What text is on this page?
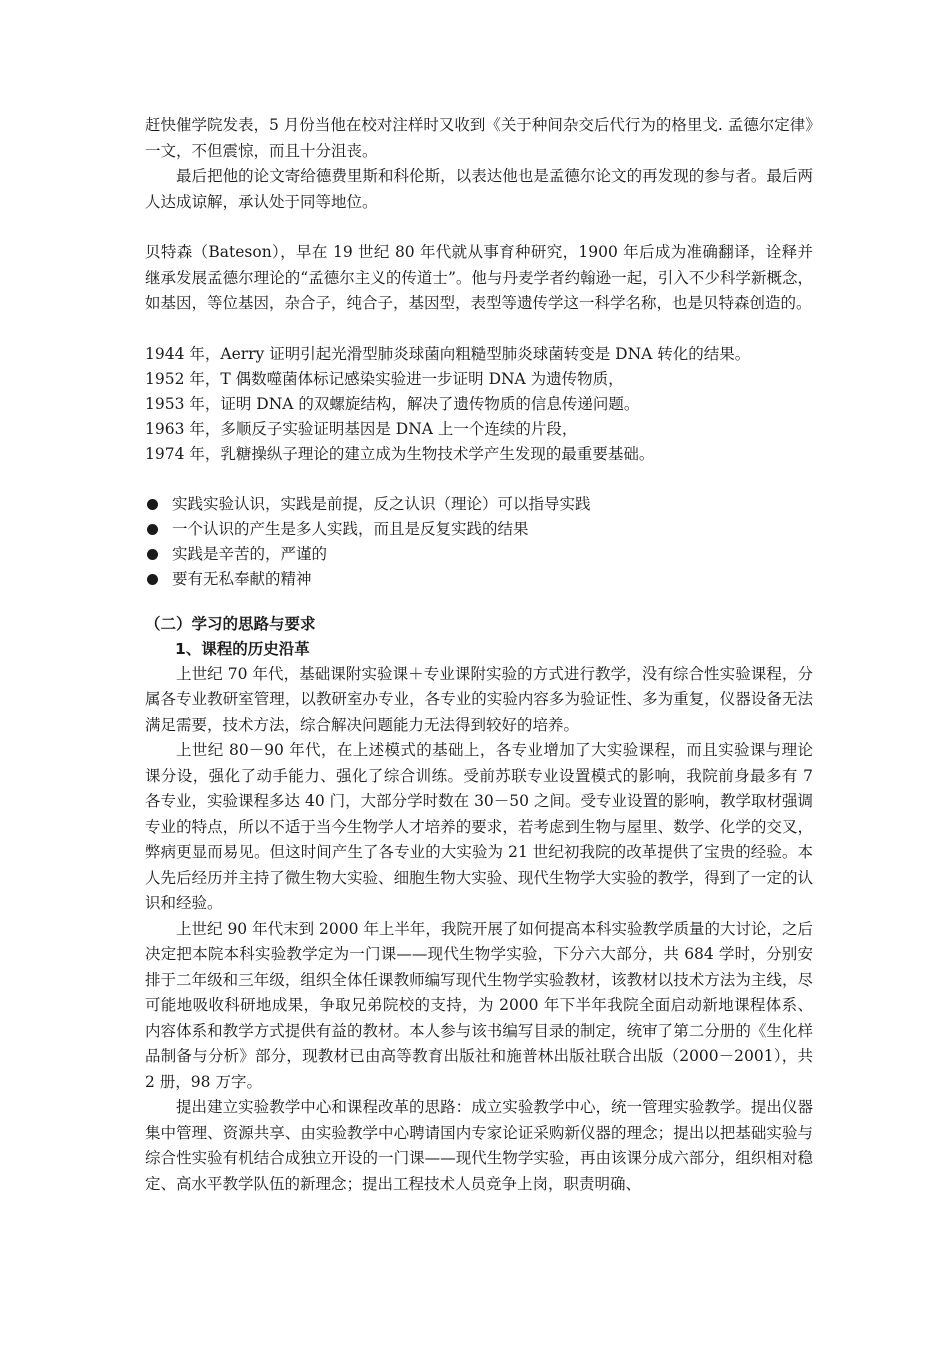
赶快催学院发表，5 月份当他在校对注样时又收到《关于种间杂交后代行为的格里戈. 孟德尔定律》一文，不但震惊，而且十分沮丧。

最后把他的论文寄给德费里斯和科伦斯，以表达他也是孟德尔论文的再发现的参与者。最后两人达成谅解，承认处于同等地位。

贝特森（Bateson），早在 19 世纪 80 年代就从事育种研究，1900 年后成为准确翻译，诠释并继承发展孟德尔理论的“孟德尔主义的传道士”。他与丹麦学者约翰逊一起，引入不少科学新概念，如基因，等位基因，杂合子，纯合子，基因型，表型等遗传学这一科学名称，也是贝特森创造的。

1944 年，Aerry 证明引起光滑型肺炎球菌向粗糙型肺炎球菌转变是 DNA 转化的结果。
1952 年，T 偶数噬菌体标记感染实验进一步证明 DNA 为遗传物质，
1953 年，证明 DNA 的双螺旋结构，解决了遗传物质的信息传递问题。
1963 年，多顺反子实验证明基因是 DNA 上一个连续的片段，
1974 年，乳糖操纵子理论的建立成为生物技术学产生发现的最重要基础。
实践实验认识，实践是前提，反之认识（理论）可以指导实践
一个认识的产生是多人实践，而且是反复实践的结果
实践是辛苦的，严谨的
要有无私奉献的精神

（二）学习的思路与要求

1、课程的历史沿革

上世纪 70 年代，基础课附实验课＋专业课附实验的方式进行教学，没有综合性实验课程，分属各专业教研室管理，以教研室办专业，各专业的实验内容多为验证性、多为重复，仪器设备无法满足需要，技术方法，综合解决问题能力无法得到较好的培养。

上世纪 80－90 年代，在上述模式的基础上，各专业增加了大实验课程，而且实验课与理论课分设，强化了动手能力、强化了综合训练。受前苏联专业设置模式的影响，我院前身最多有 7 各专业，实验课程多达 40 门，大部分学时数在 30－50 之间。受专业设置的影响，教学取材强调专业的特点，所以不适于当今生物学人才培养的要求，若考虑到生物与屋里、数学、化学的交叉，弊病更显而易见。但这时间产生了各专业的大实验为 21 世纪初我院的改革提供了宝贵的经验。本人先后经历并主持了微生物大实验、细胞生物大实验、现代生物学大实验的教学，得到了一定的认识和经验。

上世纪 90 年代末到 2000 年上半年，我院开展了如何提高本科实验教学质量的大讨论，之后决定把本院本科实验教学定为一门课——现代生物学实验，下分六大部分，共 684 学时，分别安排于二年级和三年级，组织全体任课教师编写现代生物学实验教材，该教材以技术方法为主线，尽可能地吸收科研地成果，争取兄弟院校的支持，为 2000 年下半年我院全面启动新地课程体系、内容体系和教学方式提供有益的教材。本人参与该书编写目录的制定，统审了第二分册的《生化样品制备与分析》部分，现教材已由高等教育出版社和施普林出版社联合出版（2000－2001），共 2 册，98 万字。

提出建立实验教学中心和课程改革的思路：成立实验教学中心，统一管理实验教学。提出仪器集中管理、资源共享、由实验教学中心聘请国内专家论证采购新仪器的理念；提出以把基础实验与综合性实验有机结合成独立开设的一门课——现代生物学实验，再由该课分成六部分，组织相对稳定、高水平教学队伍的新理念；提出工程技术人员竞争上岗，职责明确、
